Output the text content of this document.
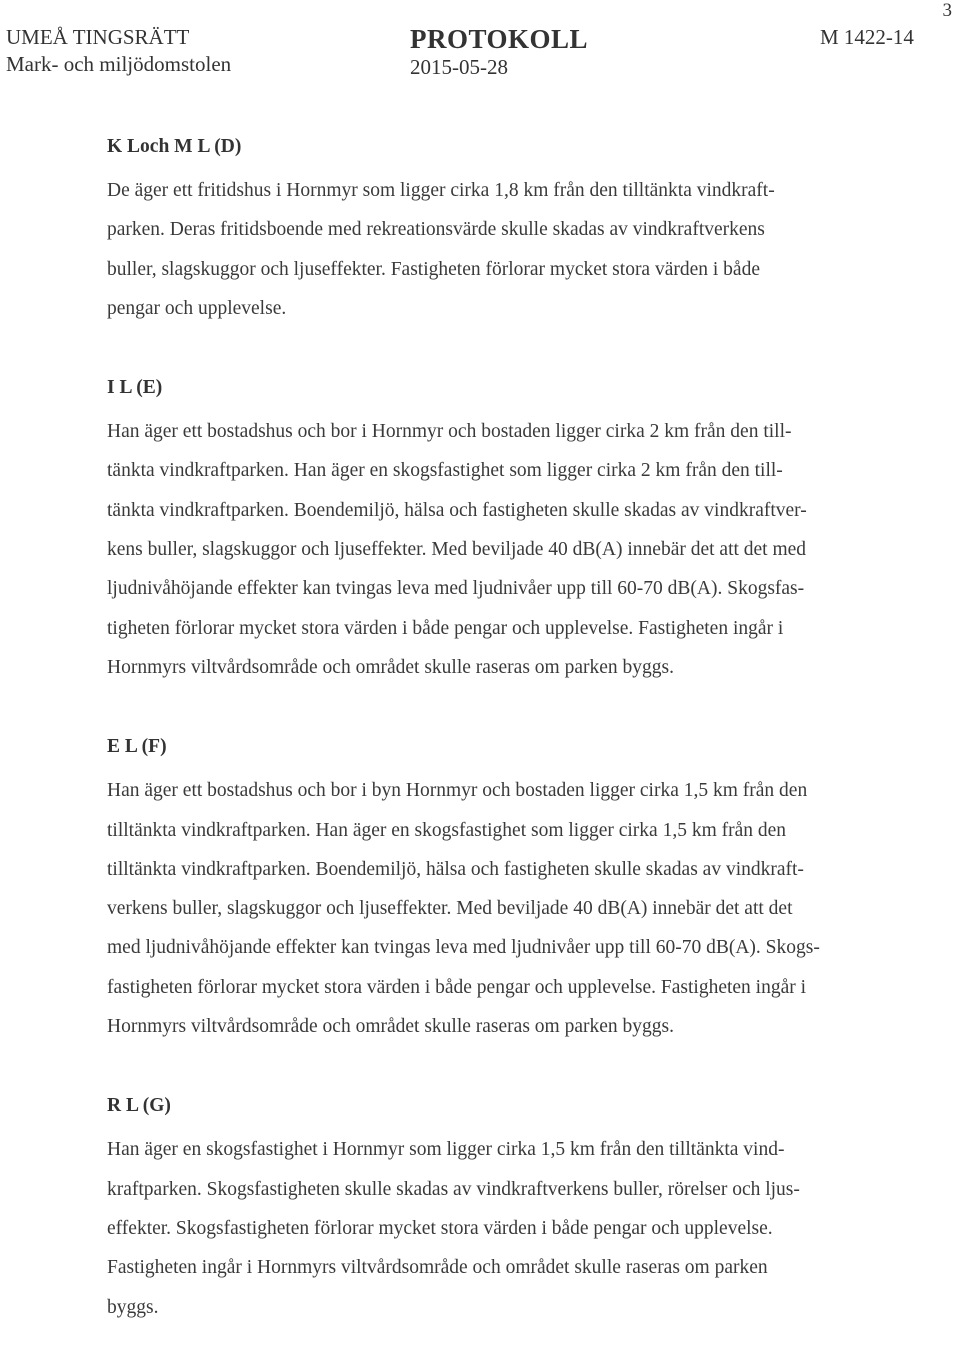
3
UMEÅ TINGSRÄTT
Mark- och miljödomstolen
PROTOKOLL
2015-05-28
M 1422-14
K Loch M L (D)
De äger ett fritidshus i Hornmyr som ligger cirka 1,8 km från den tilltänkta vindkraft-
parken. Deras fritidsboende med rekreationsvärde skulle skadas av vindkraftverkens
buller, slagskuggor och ljuseffekter. Fastigheten förlorar mycket stora värden i både
pengar och upplevelse.
I L (E)
Han äger ett bostadshus och bor i Hornmyr och bostaden ligger cirka 2 km från den till-
tänkta vindkraftparken. Han äger en skogsfastighet som ligger cirka 2 km från den till-
tänkta vindkraftparken. Boendemiljö, hälsa och fastigheten skulle skadas av vindkraftver-
kens buller, slagskuggor och ljuseffekter. Med beviljade 40 dB(A) innebär det att det med
ljudnivåhöjande effekter kan tvingas leva med ljudnivåer upp till 60-70 dB(A). Skogsfas-
tigheten förlorar mycket stora värden i både pengar och upplevelse. Fastigheten ingår i
Hornmyrs viltvårdsområde och området skulle raseras om parken byggs.
E L (F)
Han äger ett bostadshus och bor i byn Hornmyr och bostaden ligger cirka 1,5 km från den
tilltänkta vindkraftparken. Han äger en skogsfastighet som ligger cirka 1,5 km från den
tilltänkta vindkraftparken. Boendemiljö, hälsa och fastigheten skulle skadas av vindkraft-
verkens buller, slagskuggor och ljuseffekter. Med beviljade 40 dB(A) innebär det att det
med ljudnivåhöjande effekter kan tvingas leva med ljudnivåer upp till 60-70 dB(A). Skogs-
fastigheten förlorar mycket stora värden i både pengar och upplevelse. Fastigheten ingår i
Hornmyrs viltvårdsområde och området skulle raseras om parken byggs.
R L (G)
Han äger en skogsfastighet i Hornmyr som ligger cirka 1,5 km från den tilltänkta vind-
kraftparken. Skogsfastigheten skulle skadas av vindkraftverkens buller, rörelser och ljus-
effekter. Skogsfastigheten förlorar mycket stora värden i både pengar och upplevelse.
Fastigheten ingår i Hornmyrs viltvårdsområde och området skulle raseras om parken
byggs.
